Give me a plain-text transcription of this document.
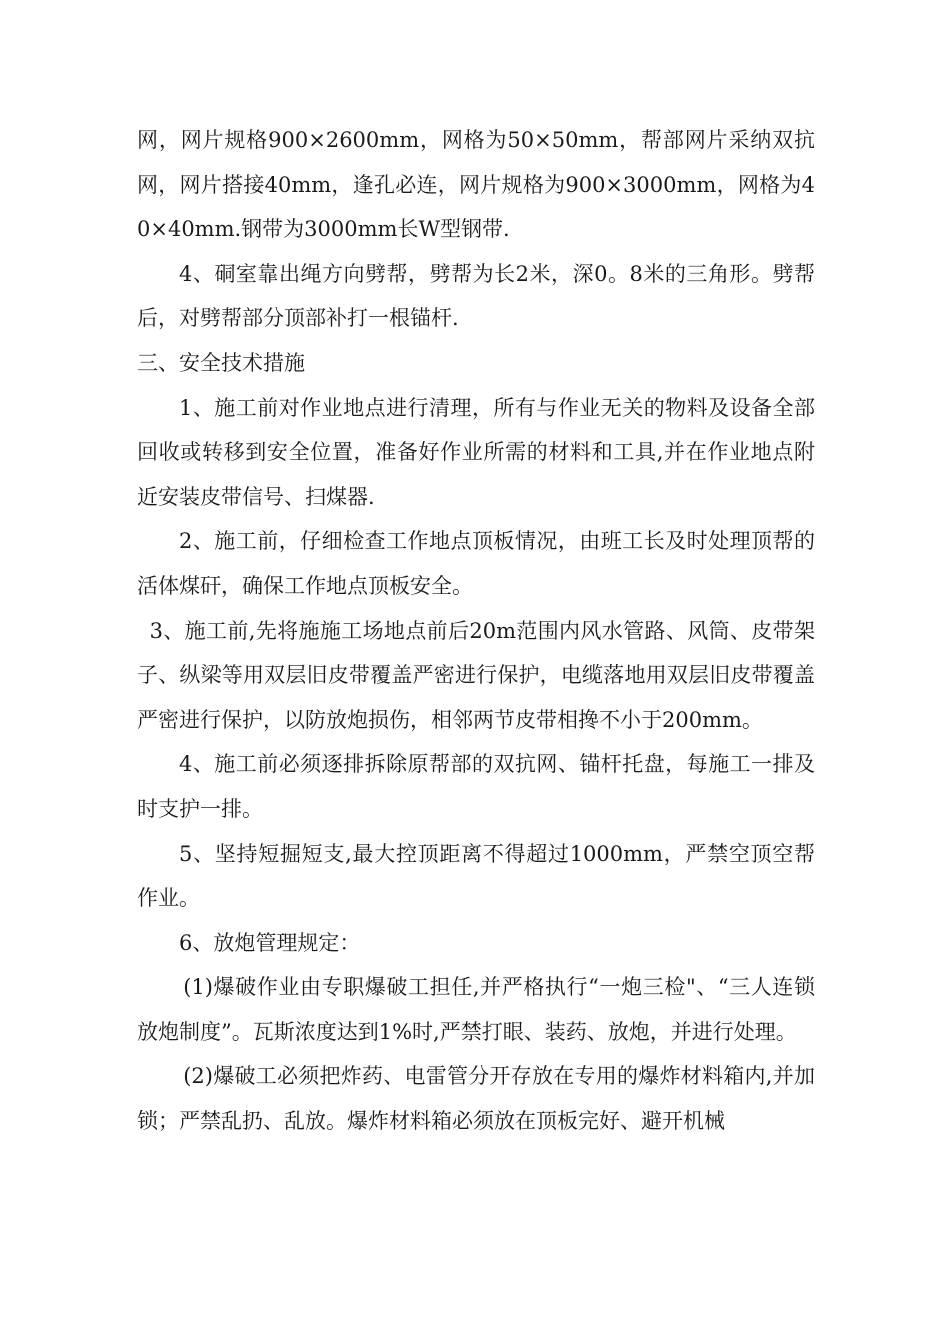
网，网片规格900×2600mm，网格为50×50mm，帮部网片采纳双抗网，网片搭接40mm，逢孔必连，网片规格为900×3000mm，网格为40×40mm.钢带为3000mm长W型钢带.

4、硐室靠出绳方向劈帮，劈帮为长2米，深0。8米的三角形。劈帮后，对劈帮部分顶部补打一根锚杆.

三、安全技术措施

1、施工前对作业地点进行清理，所有与作业无关的物料及设备全部回收或转移到安全位置，准备好作业所需的材料和工具,并在作业地点附近安装皮带信号、扫煤器.

2、施工前，仔细检查工作地点顶板情况，由班工长及时处理顶帮的活体煤矸，确保工作地点顶板安全。

3、施工前,先将施施工场地点前后20m范围内风水管路、风筒、皮带架子、纵梁等用双层旧皮带覆盖严密进行保护，电缆落地用双层旧皮带覆盖严密进行保护，以防放炮损伤，相邻两节皮带相搀不小于200mm。

4、施工前必须逐排拆除原帮部的双抗网、锚杆托盘，每施工一排及时支护一排。

5、坚持短掘短支,最大控顶距离不得超过1000mm，严禁空顶空帮作业。

6、放炮管理规定：

(1)爆破作业由专职爆破工担任,并严格执行“一炮三检"、“三人连锁放炮制度”。瓦斯浓度达到1%时,严禁打眼、装药、放炮，并进行处理。

(2)爆破工必须把炸药、电雷管分开存放在专用的爆炸材料箱内,并加锁；严禁乱扔、乱放。爆炸材料箱必须放在顶板完好、避开机械
